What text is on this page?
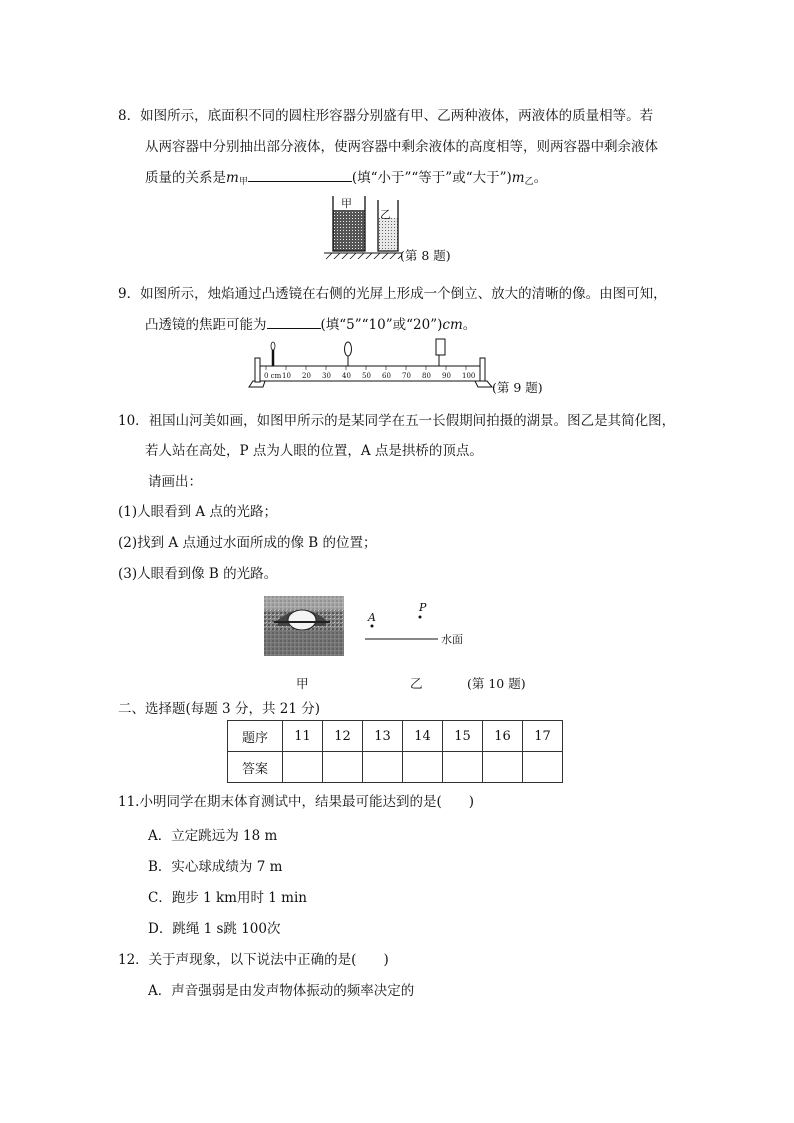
8．如图所示，底面积不同的圆柱形容器分别盛有甲、乙两种液体，两液体的质量相等。若
从两容器中分别抽出部分液体，使两容器中剩余液体的高度相等，则两容器中剩余液体
质量的关系是$m_甲$	(填“小于”“等于”或“大于$”)m_乙$。
甲
乙
(第 8 题)
9．如图所示，烛焰通过凸透镜在右侧的光屏上形成一个倒立、放大的清晰的像。由图可知，
凸透镜的焦距可能为	(填“5”“10”或“20”)cm。
0 cm 10 20 30 40 50 60 70 80 90 100
(第 9 题)
10．祖国山河美如画，如图甲所示的是某同学在五一长假期间拍摄的湖景。图乙是其简化图，
若人站在高处，P 点为人眼的位置，A 点是拱桥的顶点。
请画出：
(1)人眼看到 A 点的光路；
(2)找到 A 点通过水面所成的像 B 的位置；
(3)人眼看到像 B 的光路。
A
P
水面
甲	乙	(第 10 题)
二、选择题(每题 3 分，共 21 分)
题序	11	12	13	14	15	16	17
答案							
11.小明同学在期末体育测试中，结果最可能达到的是(　　)
A．立定跳远为 18 m
B．实心球成绩为 7 m
C．跑步 1 km用时 1 min
D．跳绳 1 s跳 100次
12．关于声现象，以下说法中正确的是(　　)
A．声音强弱是由发声物体振动的频率决定的
